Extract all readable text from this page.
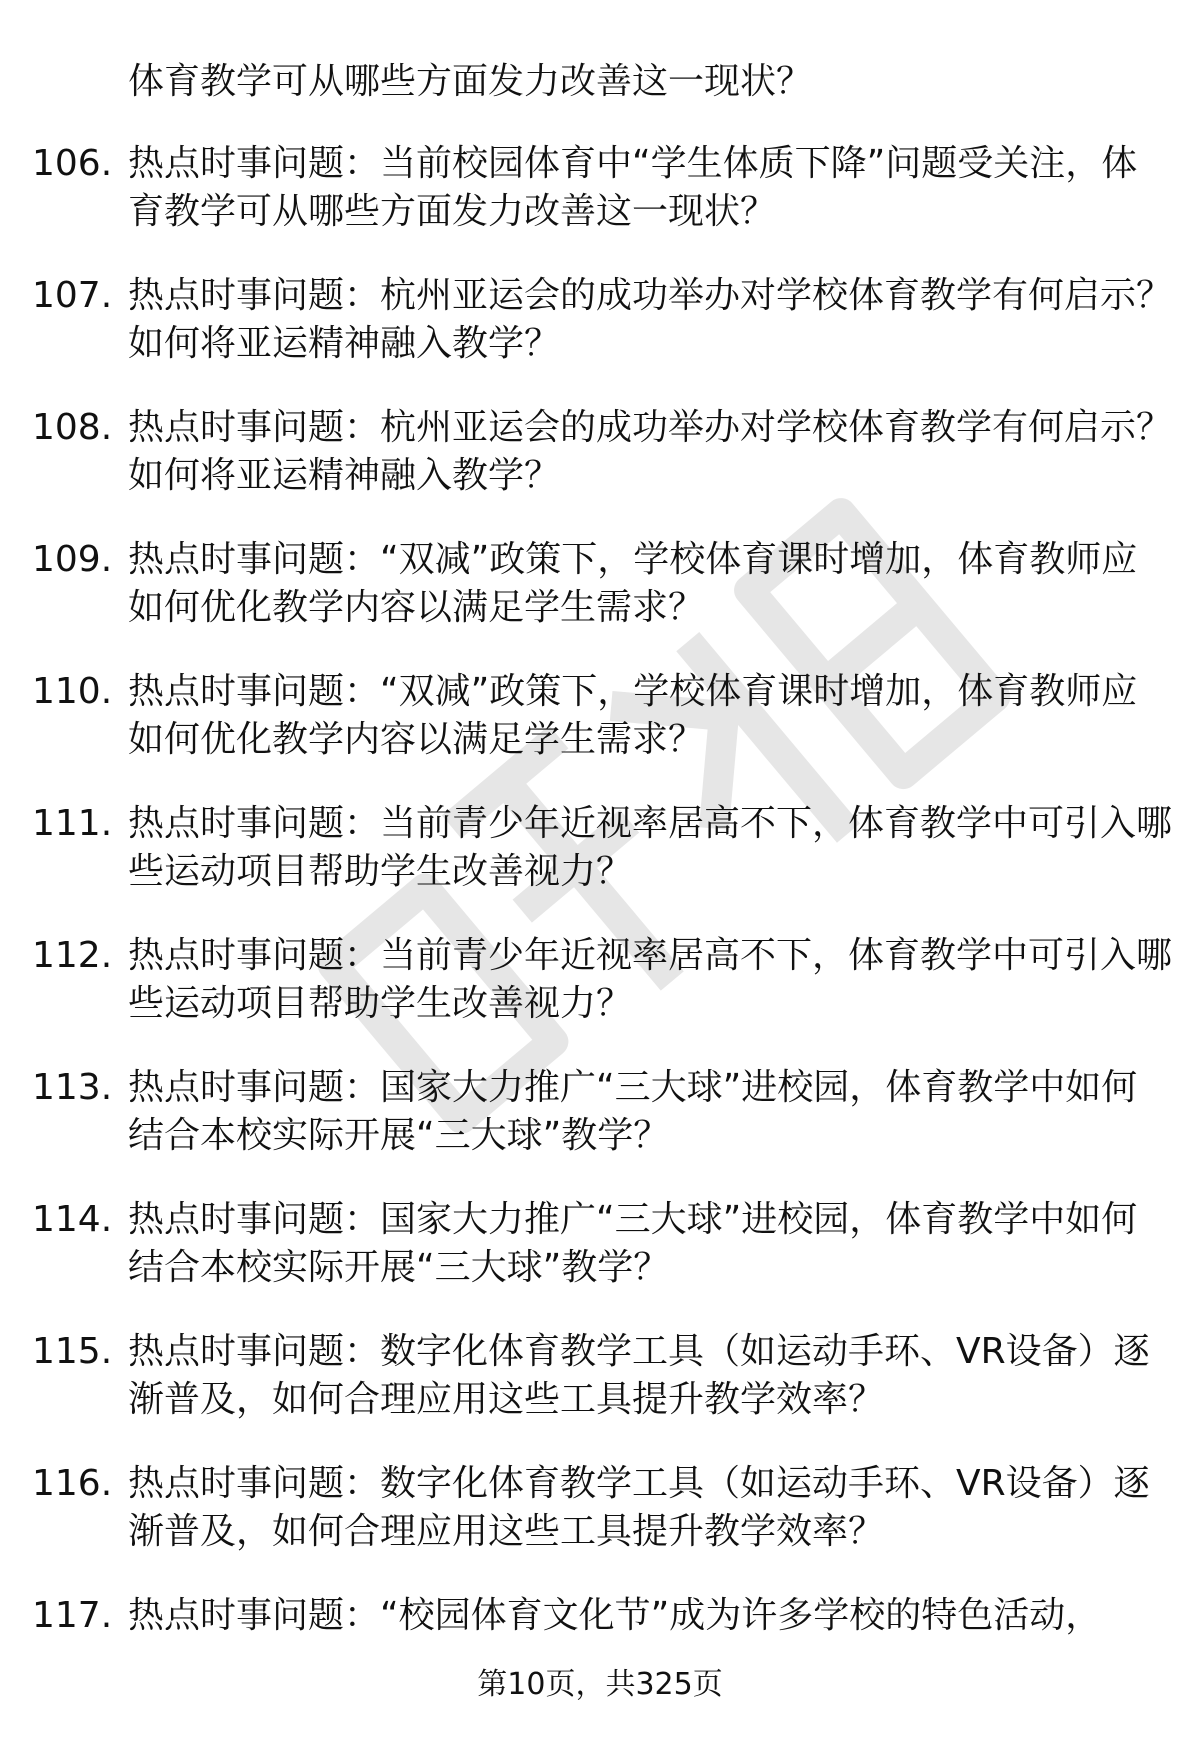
体育教学可从哪些方面发力改善这一现状？
106. 热点时事问题：当前校园体育中“学生体质下降”问题受关注，体育教学可从哪些方面发力改善这一现状？
107. 热点时事问题：杭州亚运会的成功举办对学校体育教学有何启示？如何将亚运精神融入教学？
108. 热点时事问题：杭州亚运会的成功举办对学校体育教学有何启示？如何将亚运精神融入教学？
109. 热点时事问题：“双减”政策下，学校体育课时增加，体育教师应如何优化教学内容以满足学生需求？
110. 热点时事问题：“双减”政策下，学校体育课时增加，体育教师应如何优化教学内容以满足学生需求？
111. 热点时事问题：当前青少年近视率居高不下，体育教学中可引入哪些运动项目帮助学生改善视力？
112. 热点时事问题：当前青少年近视率居高不下，体育教学中可引入哪些运动项目帮助学生改善视力？
113. 热点时事问题：国家大力推广“三大球”进校园，体育教学中如何结合本校实际开展“三大球”教学？
114. 热点时事问题：国家大力推广“三大球”进校园，体育教学中如何结合本校实际开展“三大球”教学？
115. 热点时事问题：数字化体育教学工具（如运动手环、VR设备）逐渐普及，如何合理应用这些工具提升教学效率？
116. 热点时事问题：数字化体育教学工具（如运动手环、VR设备）逐渐普及，如何合理应用这些工具提升教学效率？
117. 热点时事问题：“校园体育文化节”成为许多学校的特色活动，
第10页，共325页
